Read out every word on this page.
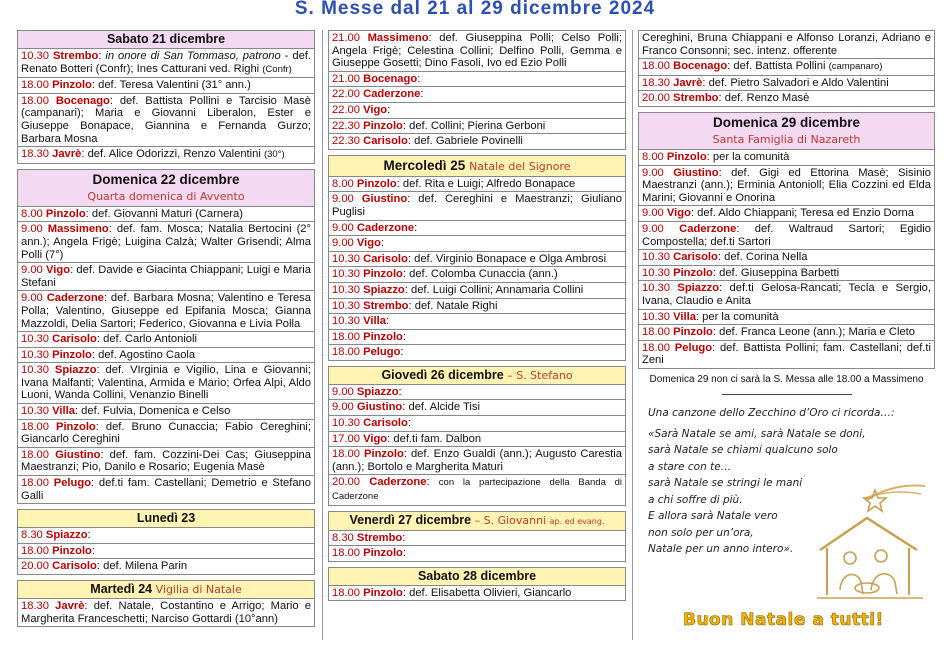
S. Messe dal 21 al 29 dicembre 2024
Sabato 21 dicembre
10.30 Strembo: in onore di San Tommaso, patrono - def. Renato Botteri (Confr); Ines Catturani ved. Righi (Confr)
18.00 Pinzolo: def. Teresa Valentini (31° ann.)
18.00 Bocenago: def. Battista Pollini e Tarcisio Masè (campanari); Maria e Giovanni Liberalon, Ester e Giuseppe Bonapace, Giannina e Fernanda Gurzo; Barbara Mosna
18.30 Javrè: def. Alice Odorizzi, Renzo Valentini (30°)
Domenica 22 dicembre
Quarta domenica di Avvento
8.00 Pinzolo: def. Giovanni Maturi (Carnera)
9.00 Massimeno: def. fam. Mosca; Natalia Bertocini (2° ann.); Angela Frigè; Luigina Calzà; Walter Grisendi; Alma Polli (7°)
9.00 Vigo: def. Davide e Giacinta Chiappani; Luigi e Maria Stefani
9.00 Caderzone: def. Barbara Mosna; Valentino e Teresa Polla; Valentino, Giuseppe ed Epifania Mosca; Gianna Mazzoldi, Delia Sartori; Federico, Giovanna e Livia Polla
10.30 Carisolo: def. Carlo Antonioli
10.30 Pinzolo: def. Agostino Caola
10.30 Spiazzo: def. VIrginia e Vigilio, Lina e Giovanni; Ivana Malfanti; Valentina, Armida e Mario; Orfea Alpi, Aldo Luoni, Wanda Collini, Venanzio Binelli
10.30 Villa: def. Fulvia, Domenica e Celso
18.00 Pinzolo: def. Bruno Cunaccia; Fabio Cereghini; Giancarlo Cereghini
18.00 Giustino: def. fam. Cozzini-Dei Cas; Giuseppina Maestranzi; Pio, Danilo e Rosario; Eugenia Masè
18.00 Pelugo: def.ti fam. Castellani; Demetrio e Stefano Galli
Lunedì 23
8.30 Spiazzo:
18.00 Pinzolo:
20.00 Carisolo: def. Milena Parin
Martedì 24 Vigilia di Natale
18.30 Javrè: def. Natale, Costantino e Arrigo; Mario e Margherita Franceschetti; Narciso Gottardi (10°ann)
21.00 Massimeno: def. Giuseppina Polli; Celso Polli; Angela Frigè; Celestina Collini; Delfino Polli, Gemma e Giuseppe Gosetti; Dino Fasoli, Ivo ed Ezio Polli
21.00 Bocenago:
22.00 Caderzone:
22.00 Vigo:
22.30 Pinzolo: def. Collini; Pierina Gerboni
22.30 Carisolo: def. Gabriele Povinelli
Mercoledì 25 Natale del Signore
8.00 Pinzolo: def. Rita e Luigi; Alfredo Bonapace
9.00 Giustino: def. Cereghini e Maestranzi; Giuliano Puglisi
9.00 Caderzone:
9.00 Vigo:
10.30 Carisolo: def. Virginio Bonapace e Olga Ambrosi
10.30 Pinzolo: def. Colomba Cunaccia (ann.)
10.30 Spiazzo: def. Luigi Collini; Annamaria Collini
10.30 Strembo: def. Natale Righi
10.30 Villa:
18.00 Pinzolo:
18.00 Pelugo:
Giovedì 26 dicembre – S. Stefano
9.00 Spiazzo:
9.00 Giustino: def. Alcide Tisi
10.30 Carisolo:
17.00 Vigo: def.ti fam. Dalbon
18.00 Pinzolo: def. Enzo Gualdi (ann.); Augusto Carestia (ann.); Bortolo e Margherita Maturi
20.00 Caderzone: con la partecipazione della Banda di Caderzone
Venerdì 27 dicembre – S. Giovanni ap. ed evang.
8.30 Strembo:
18.00 Pinzolo:
Sabato 28 dicembre
18.00 Pinzolo: def. Elisabetta Olivieri, Giancarlo
Cereghini, Bruna Chiappani e Alfonso Loranzi, Adriano e Franco Consonni; sec. intenz. offerente
18.00 Bocenago: def. Battista Pollini (campanaro)
18.30 Javrè: def. Pietro Salvadori e Aldo Valentini
20.00 Strembo: def. Renzo Masè
Domenica 29 dicembre
Santa Famiglia di Nazareth
8.00 Pinzolo: per la comunità
9.00 Giustino: def. Gigi ed Ettorina Masè; Sisinio Maestranzi (ann.); Erminia Antonioll; Elia Cozzini ed Elda Marini; Giovanni e Onorina
9.00 Vigo: def. Aldo Chiappani; Teresa ed Enzio Dorna
9.00 Caderzone: def. Waltraud Sartori; Egidio Compostella; def.ti Sartori
10.30 Carisolo: def. Corina Nella
10.30 Pinzolo: def. Giuseppina Barbetti
10.30 Spiazzo: def.ti Gelosa-Rancati; Tecla e Sergio, Ivana, Claudio e Anita
10.30 Villa: per la comunità
18.00 Pinzolo: def. Franca Leone (ann.); Maria e Cleto
18.00 Pelugo: def. Battista Pollini; fam. Castellani; def.ti Zeni
Domenica 29 non ci sarà la S. Messa alle 18.00 a Massimeno
Una canzone dello Zecchino d’Oro ci ricorda…:
«Sarà Natale se ami, sarà Natale se doni,
sarà Natale se chiami qualcuno solo
a stare con te…
sarà Natale se stringi le mani
a chi soffre di più.
E allora sarà Natale vero
non solo per un’ora,
Natale per un anno intero».
Buon Natale a tutti!
